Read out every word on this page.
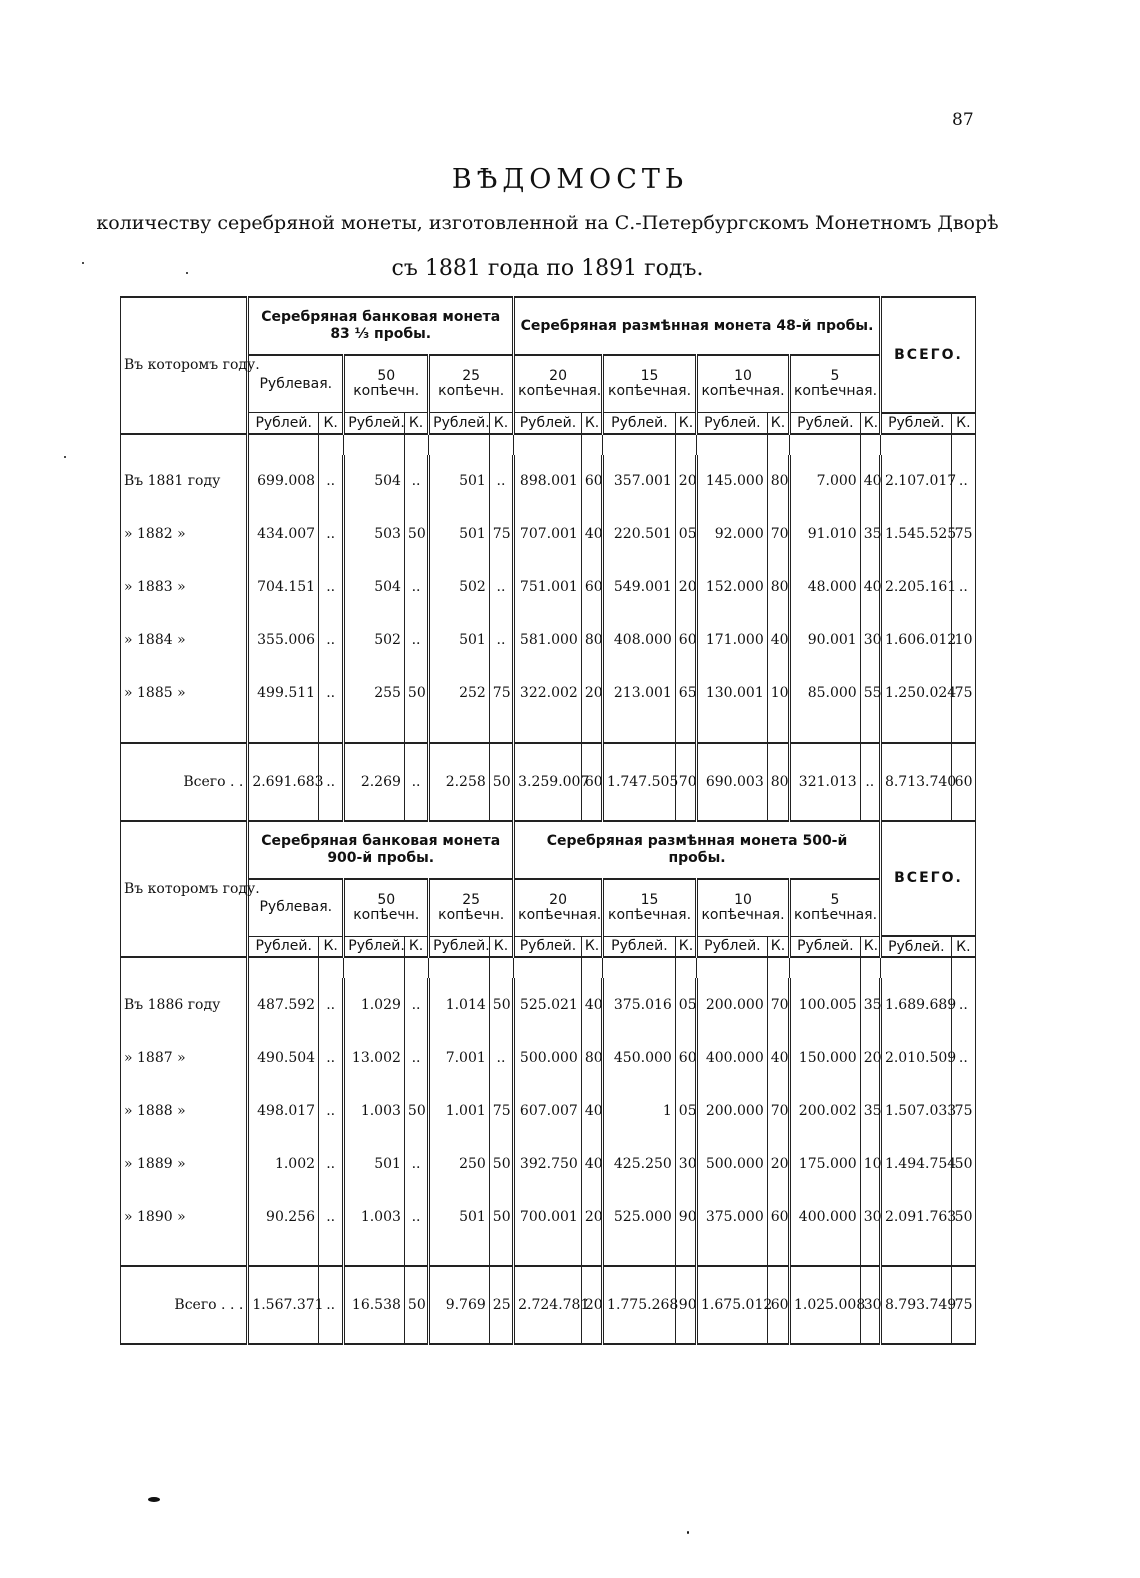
87
ВѢДОМОСТЬ
количеству серебряной монеты, изготовленной на С.-Петербургскомъ Монетномъ Дворѣ
съ 1881 года по 1891 годъ.
Въ которомъ году.	Серебряная банковая монета 83 ⅓ пробы.						Серебряная размѣнная монета 48-й пробы.								ВСЕГО.	
	Рублевая.		50 копѣечн.		25 копѣечн.		20 копѣечная.		15 копѣечная.		10 копѣечная.		5 копѣечная.			
	Рублей.	К.	Рублей.	К.	Рублей.	К.	Рублей.	К.	Рублей.	К.	Рублей.	К.	Рублей.	К.	Рублей.	К.

Въ 1881 году	699.008	..	504	..	501	..	898.001	60	357.001	20	145.000	80	7.000	40	2.107.017	..
» 1882 »	434.007	..	503	50	501	75	707.001	40	220.501	05	92.000	70	91.010	35	1.545.525	75
» 1883 »	704.151	..	504	..	502	..	751.001	60	549.001	20	152.000	80	48.000	40	2.205.161	..
» 1884 »	355.006	..	502	..	501	..	581.000	80	408.000	60	171.000	40	90.001	30	1.606.012	10
» 1885 »	499.511	..	255	50	252	75	322.002	20	213.001	65	130.001	10	85.000	55	1.250.024	75

Всего . .	2.691.683	..	2.269	..	2.258	50	3.259.007	60	1.747.505	70	690.003	80	321.013	..	8.713.740	60
Въ которомъ году.	Серебряная банковая монета 900-й пробы.						Серебряная размѣнная монета 500-й пробы.								ВСЕГО.	
	Рублевая.		50 копѣечн.		25 копѣечн.		20 копѣечная.		15 копѣечная.		10 копѣечная.		5 копѣечная.			
	Рублей.	К.	Рублей.	К.	Рублей.	К.	Рублей.	К.	Рублей.	К.	Рублей.	К.	Рублей.	К.	Рублей.	К.

Въ 1886 году	487.592	..	1.029	..	1.014	50	525.021	40	375.016	05	200.000	70	100.005	35	1.689.689	..
» 1887 »	490.504	..	13.002	..	7.001	..	500.000	80	450.000	60	400.000	40	150.000	20	2.010.509	..
» 1888 »	498.017	..	1.003	50	1.001	75	607.007	40	1	05	200.000	70	200.002	35	1.507.033	75
» 1889 »	1.002	..	501	..	250	50	392.750	40	425.250	30	500.000	20	175.000	10	1.494.754	50
» 1890 »	90.256	..	1.003	..	501	50	700.001	20	525.000	90	375.000	60	400.000	30	2.091.763	50

Всего . . .	1.567.371	..	16.538	50	9.769	25	2.724.781	20	1.775.268	90	1.675.012	60	1.025.008	30	8.793.749	75
